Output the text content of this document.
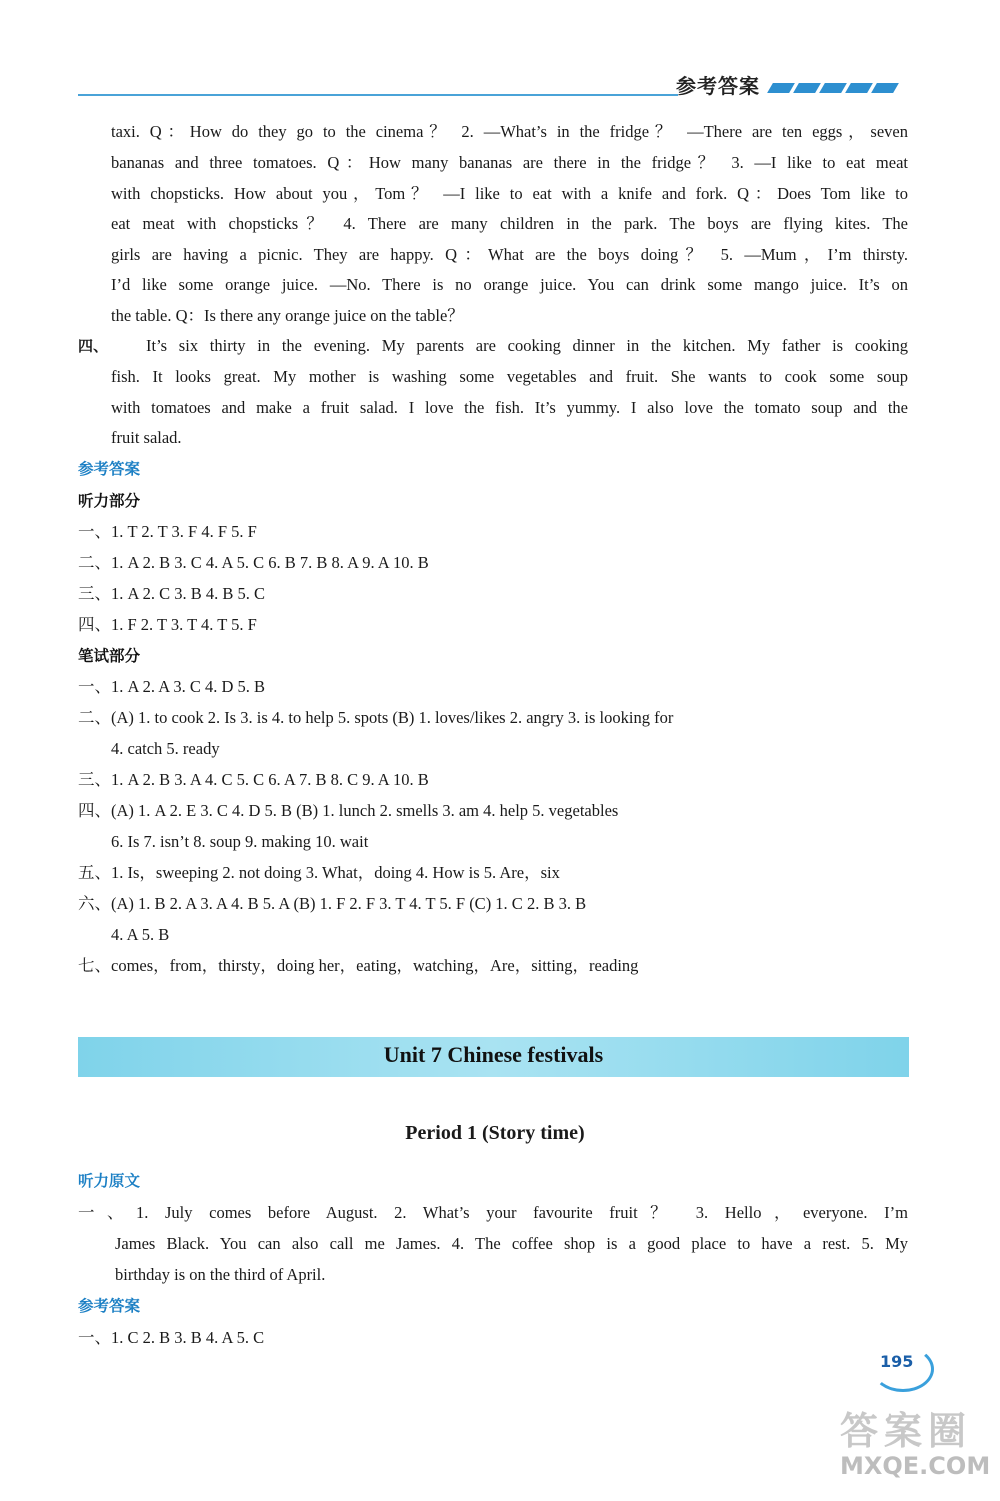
参考答案
taxi. Q：How do they go to the cinema？ 2. —What’s in the fridge？ —There are ten eggs，seven
bananas and three tomatoes. Q：How many bananas are there in the fridge？ 3. —I like to eat meat
with chopsticks. How about you，Tom？ —I like to eat with a knife and fork. Q：Does Tom like to
eat meat with chopsticks？ 4. There are many children in the park. The boys are flying kites. The
girls are having a picnic. They are happy. Q：What are the boys doing？ 5. —Mum，I’m thirsty.
I’d like some orange juice. —No. There is no orange juice. You can drink some mango juice. It’s on
the table. Q：Is there any orange juice on the table？
四、 It’s six thirty in the evening. My parents are cooking dinner in the kitchen. My father is cooking
fish. It looks great. My mother is washing some vegetables and fruit. She wants to cook some soup
with tomatoes and make a fruit salad. I love the fish. It’s yummy. I also love the tomato soup and the
fruit salad.
参考答案
听力部分
一、1. T 2. T 3. F 4. F 5. F
二、1. A 2. B 3. C 4. A 5. C 6. B 7. B 8. A 9. A 10. B
三、1. A 2. C 3. B 4. B 5. C
四、1. F 2. T 3. T 4. T 5. F
笔试部分
一、1. A 2. A 3. C 4. D 5. B
二、(A) 1. to cook 2. Is 3. is 4. to help 5. spots (B) 1. loves/likes 2. angry 3. is looking for
4. catch 5. ready
三、1. A 2. B 3. A 4. C 5. C 6. A 7. B 8. C 9. A 10. B
四、(A) 1. A 2. E 3. C 4. D 5. B (B) 1. lunch 2. smells 3. am 4. help 5. vegetables
6. Is 7. isn’t 8. soup 9. making 10. wait
五、1. Is，sweeping 2. not doing 3. What，doing 4. How is 5. Are，six
六、(A) 1. B 2. A 3. A 4. B 5. A (B) 1. F 2. F 3. T 4. T 5. F (C) 1. C 2. B 3. B
4. A 5. B
七、comes，from，thirsty，doing her，eating，watching，Are，sitting，reading
Unit 7 Chinese festivals
Period 1 (Story time)
听力原文
一、1. July comes before August. 2. What’s your favourite fruit？ 3. Hello，everyone. I’m
James Black. You can also call me James. 4. The coffee shop is a good place to have a rest. 5. My
birthday is on the third of April.
参考答案
一、1. C 2. B 3. B 4. A 5. C
195
答案圈
MXQE.COM
